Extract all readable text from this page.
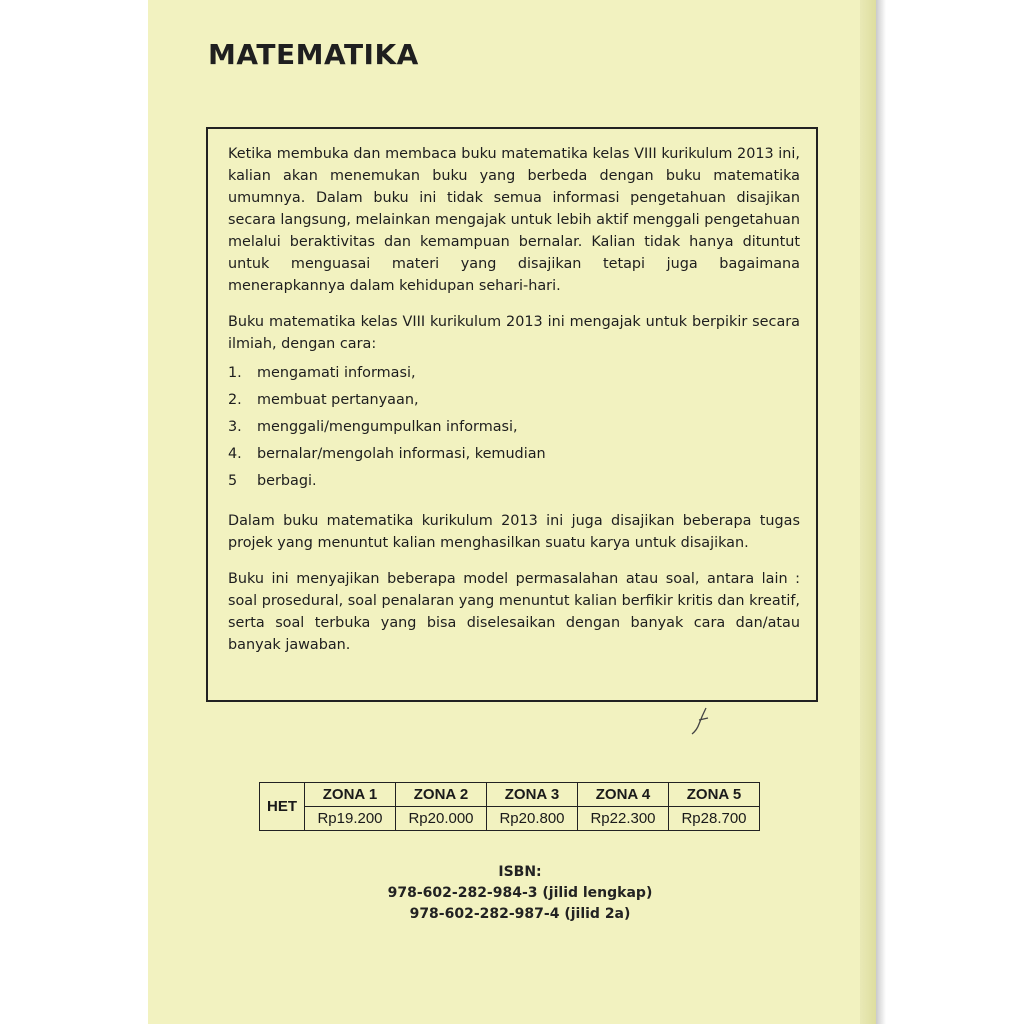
MATEMATIKA

Ketika membuka dan membaca buku matematika kelas VIII kurikulum 2013 ini, kalian akan menemukan buku yang berbeda dengan buku matematika umumnya. Dalam buku ini tidak semua informasi pengetahuan disajikan secara langsung, melainkan mengajak untuk lebih aktif menggali pengetahuan melalui beraktivitas dan kemampuan bernalar. Kalian tidak hanya dituntut untuk menguasai materi yang disajikan tetapi juga bagaimana menerapkannya dalam kehidupan sehari-hari.

Buku matematika kelas VIII kurikulum 2013 ini mengajak untuk berpikir secara ilmiah, dengan cara:

1.	mengamati informasi,
2.	membuat pertanyaan,
3.	menggali/mengumpulkan informasi,
4.	bernalar/mengolah informasi, kemudian
5	berbagi.

Dalam buku matematika kurikulum 2013 ini juga disajikan beberapa tugas projek yang menuntut kalian menghasilkan suatu karya untuk disajikan.

Buku ini menyajikan beberapa model permasalahan atau soal, antara lain : soal prosedural, soal penalaran yang menuntut kalian berfikir kritis dan kreatif, serta soal terbuka yang bisa diselesaikan dengan banyak cara dan/atau banyak jawaban.

HET	ZONA 1	ZONA 2	ZONA 3	ZONA 4	ZONA 5
	Rp19.200	Rp20.000	Rp20.800	Rp22.300	Rp28.700
ISBN:
978-602-282-984-3 (jilid lengkap)
978-602-282-987-4 (jilid 2a)
